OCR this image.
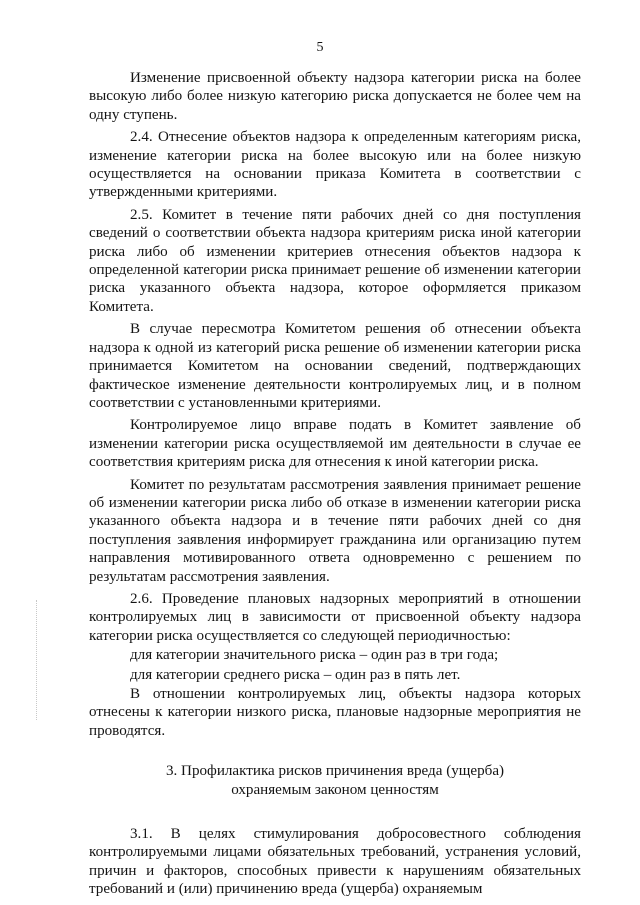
5

Изменение присвоенной объекту надзора категории риска на более высокую либо более низкую категорию риска допускается не более чем на одну ступень.

2.4. Отнесение объектов надзора к определенным категориям риска, изменение категории риска на более высокую или на более низкую осуществляется на основании приказа Комитета в соответствии с утвержденными критериями.

2.5. Комитет в течение пяти рабочих дней со дня поступления сведений о соответствии объекта надзора критериям риска иной категории риска либо об изменении критериев отнесения объектов надзора к определенной категории риска принимает решение об изменении категории риска указанного объекта надзора, которое оформляется приказом Комитета.

В случае пересмотра Комитетом решения об отнесении объекта надзора к одной из категорий риска решение об изменении категории риска принимается Комитетом на основании сведений, подтверждающих фактическое изменение деятельности контролируемых лиц, и в полном соответствии с установленными критериями.

Контролируемое лицо вправе подать в Комитет заявление об изменении категории риска осуществляемой им деятельности в случае ее соответствия критериям риска для отнесения к иной категории риска.

Комитет по результатам рассмотрения заявления принимает решение об изменении категории риска либо об отказе в изменении категории риска указанного объекта надзора и в течение пяти рабочих дней со дня поступления заявления информирует гражданина или организацию путем направления мотивированного ответа одновременно с решением по результатам рассмотрения заявления.

2.6. Проведение плановых надзорных мероприятий в отношении контролируемых лиц в зависимости от присвоенной объекту надзора категории риска осуществляется со следующей периодичностью:

для категории значительного риска – один раз в три года;

для категории среднего риска – один раз в пять лет.

В отношении контролируемых лиц, объекты надзора которых отнесены к категории низкого риска, плановые надзорные мероприятия не проводятся.

3. Профилактика рисков причинения вреда (ущерба)
охраняемым законом ценностям

3.1. В целях стимулирования добросовестного соблюдения контролируемыми лицами обязательных требований, устранения условий, причин и факторов, способных привести к нарушениям обязательных требований и (или) причинению вреда (ущерба) охраняемым
